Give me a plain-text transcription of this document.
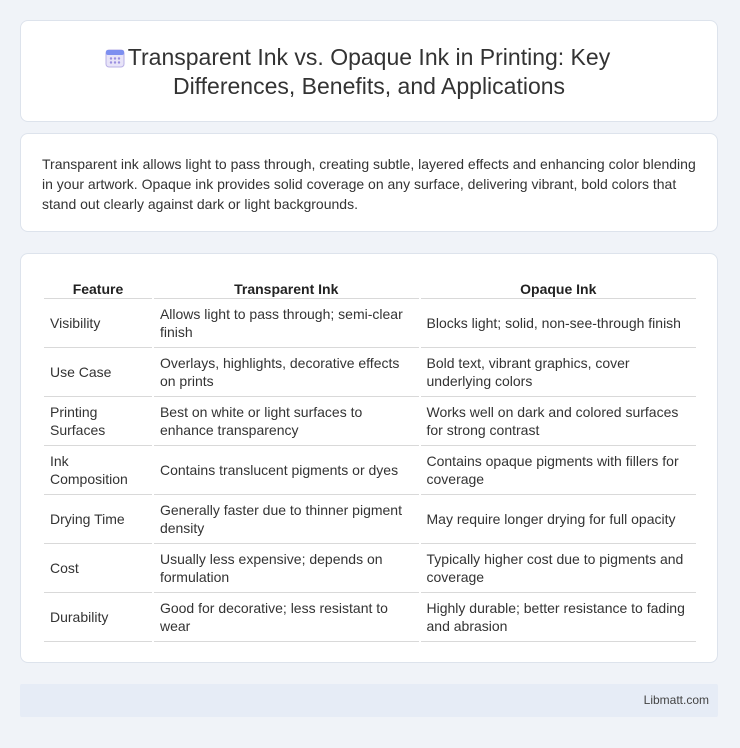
Transparent Ink vs. Opaque Ink in Printing: Key Differences, Benefits, and Applications
Transparent ink allows light to pass through, creating subtle, layered effects and enhancing color blending in your artwork. Opaque ink provides solid coverage on any surface, delivering vibrant, bold colors that stand out clearly against dark or light backgrounds.
Feature	Transparent Ink	Opaque Ink
Visibility	Allows light to pass through; semi-clear finish	Blocks light; solid, non-see-through finish
Use Case	Overlays, highlights, decorative effects on prints	Bold text, vibrant graphics, cover underlying colors
Printing Surfaces	Best on white or light surfaces to enhance transparency	Works well on dark and colored surfaces for strong contrast
Ink Composition	Contains translucent pigments or dyes	Contains opaque pigments with fillers for coverage
Drying Time	Generally faster due to thinner pigment density	May require longer drying for full opacity
Cost	Usually less expensive; depends on formulation	Typically higher cost due to pigments and coverage
Durability	Good for decorative; less resistant to wear	Highly durable; better resistance to fading and abrasion
Libmatt.com
